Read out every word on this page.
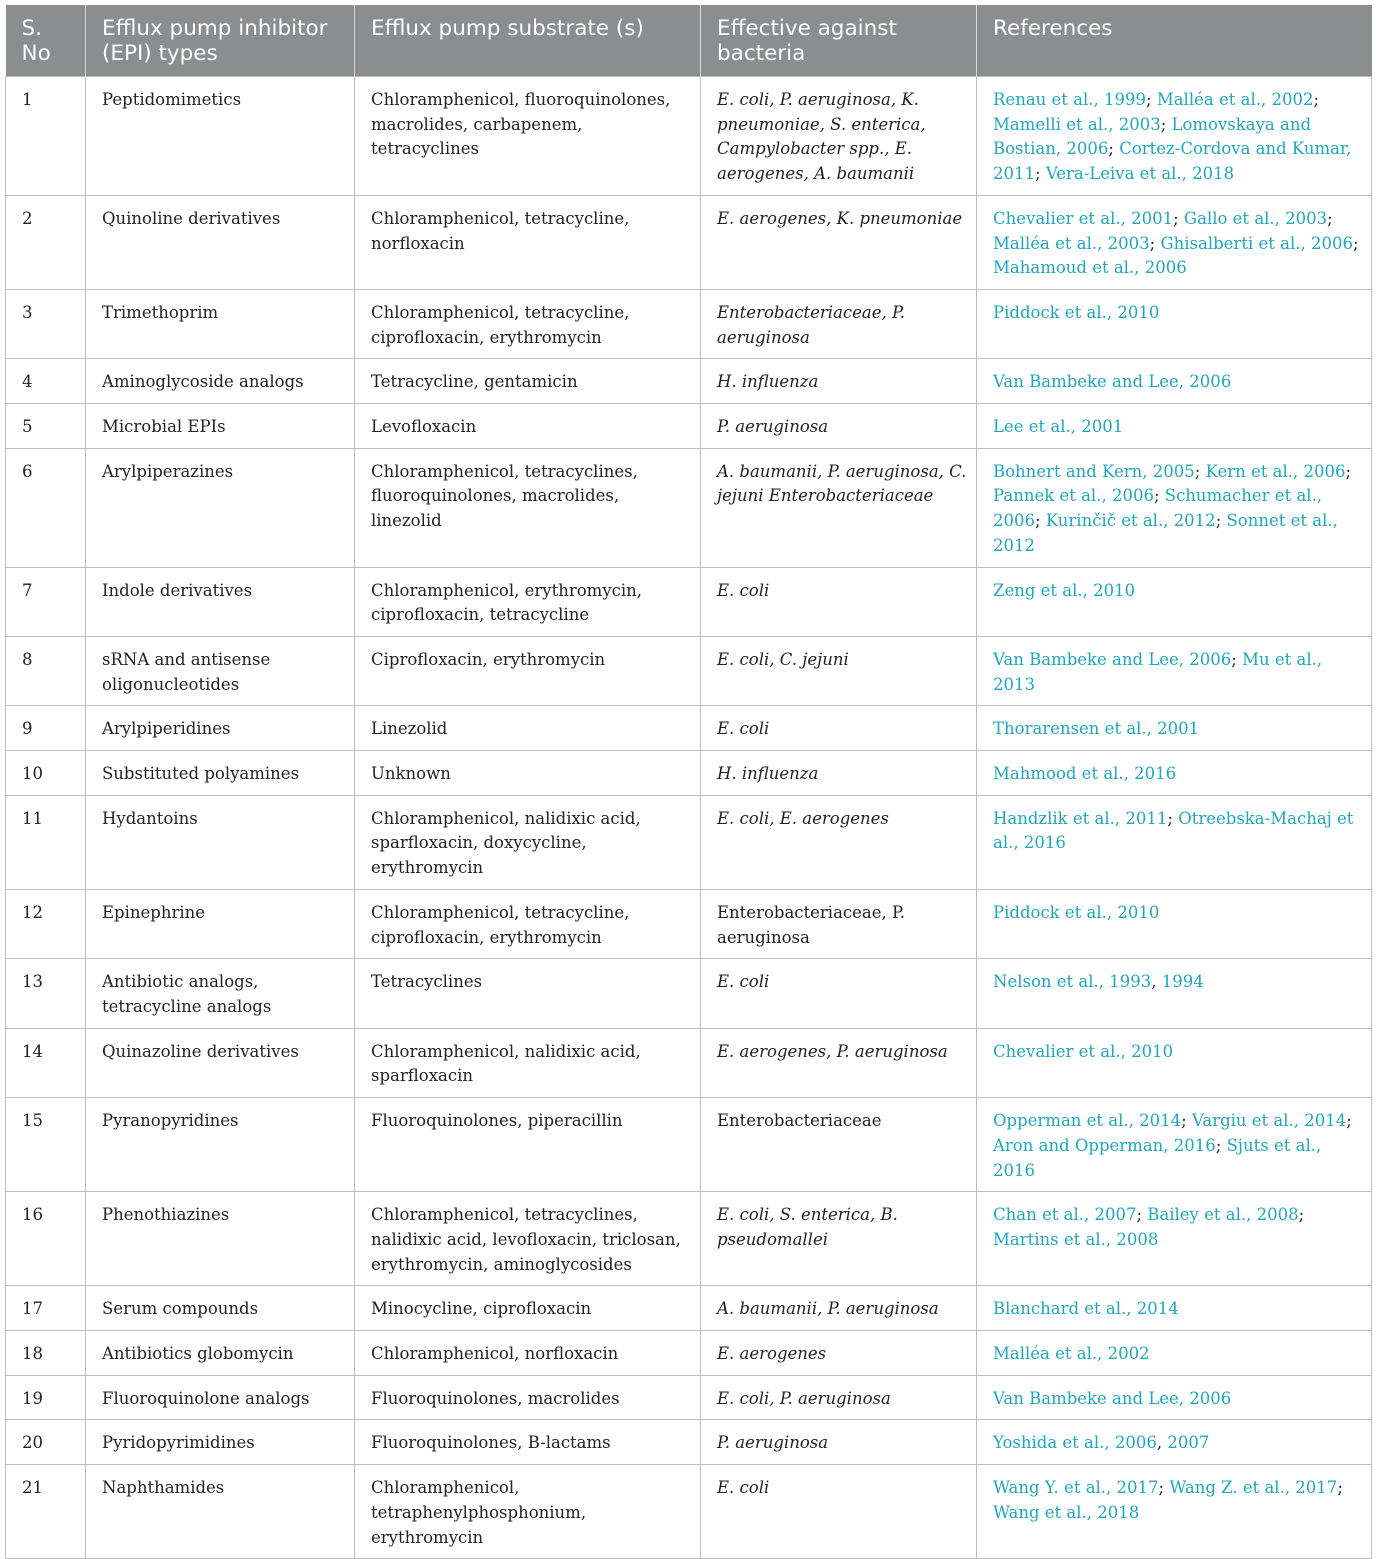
S. No	Efflux pump inhibitor (EPI) types	Efflux pump substrate (s)	Effective against bacteria	References
1	Peptidomimetics	Chloramphenicol, fluoroquinolones, macrolides, carbapenem, tetracyclines	E. coli, P. aeruginosa, K. pneumoniae, S. enterica, Campylobacter spp., E. aerogenes, A. baumanii	Renau et al., 1999; Malléa et al., 2002; Mamelli et al., 2003; Lomovskaya and Bostian, 2006; Cortez-Cordova and Kumar, 2011; Vera-Leiva et al., 2018
2	Quinoline derivatives	Chloramphenicol, tetracycline, norfloxacin	E. aerogenes, K. pneumoniae	Chevalier et al., 2001; Gallo et al., 2003; Malléa et al., 2003; Ghisalberti et al., 2006; Mahamoud et al., 2006
3	Trimethoprim	Chloramphenicol, tetracycline, ciprofloxacin, erythromycin	Enterobacteriaceae, P. aeruginosa	Piddock et al., 2010
4	Aminoglycoside analogs	Tetracycline, gentamicin	H. influenza	Van Bambeke and Lee, 2006
5	Microbial EPIs	Levofloxacin	P. aeruginosa	Lee et al., 2001
6	Arylpiperazines	Chloramphenicol, tetracyclines, fluoroquinolones, macrolides, linezolid	A. baumanii, P. aeruginosa, C. jejuni Enterobacteriaceae	Bohnert and Kern, 2005; Kern et al., 2006; Pannek et al., 2006; Schumacher et al., 2006; Kurinčič et al., 2012; Sonnet et al., 2012
7	Indole derivatives	Chloramphenicol, erythromycin, ciprofloxacin, tetracycline	E. coli	Zeng et al., 2010
8	sRNA and antisense oligonucleotides	Ciprofloxacin, erythromycin	E. coli, C. jejuni	Van Bambeke and Lee, 2006; Mu et al., 2013
9	Arylpiperidines	Linezolid	E. coli	Thorarensen et al., 2001
10	Substituted polyamines	Unknown	H. influenza	Mahmood et al., 2016
11	Hydantoins	Chloramphenicol, nalidixic acid, sparfloxacin, doxycycline, erythromycin	E. coli, E. aerogenes	Handzlik et al., 2011; Otreebska-Machaj et al., 2016
12	Epinephrine	Chloramphenicol, tetracycline, ciprofloxacin, erythromycin	Enterobacteriaceae, P. aeruginosa	Piddock et al., 2010
13	Antibiotic analogs, tetracycline analogs	Tetracyclines	E. coli	Nelson et al., 1993, 1994
14	Quinazoline derivatives	Chloramphenicol, nalidixic acid, sparfloxacin	E. aerogenes, P. aeruginosa	Chevalier et al., 2010
15	Pyranopyridines	Fluoroquinolones, piperacillin	Enterobacteriaceae	Opperman et al., 2014; Vargiu et al., 2014; Aron and Opperman, 2016; Sjuts et al., 2016
16	Phenothiazines	Chloramphenicol, tetracyclines, nalidixic acid, levofloxacin, triclosan, erythromycin, aminoglycosides	E. coli, S. enterica, B. pseudomallei	Chan et al., 2007; Bailey et al., 2008; Martins et al., 2008
17	Serum compounds	Minocycline, ciprofloxacin	A. baumanii, P. aeruginosa	Blanchard et al., 2014
18	Antibiotics globomycin	Chloramphenicol, norfloxacin	E. aerogenes	Malléa et al., 2002
19	Fluoroquinolone analogs	Fluoroquinolones, macrolides	E. coli, P. aeruginosa	Van Bambeke and Lee, 2006
20	Pyridopyrimidines	Fluoroquinolones, B-lactams	P. aeruginosa	Yoshida et al., 2006, 2007
21	Naphthamides	Chloramphenicol, tetraphenylphosphonium, erythromycin	E. coli	Wang Y. et al., 2017; Wang Z. et al., 2017; Wang et al., 2018
